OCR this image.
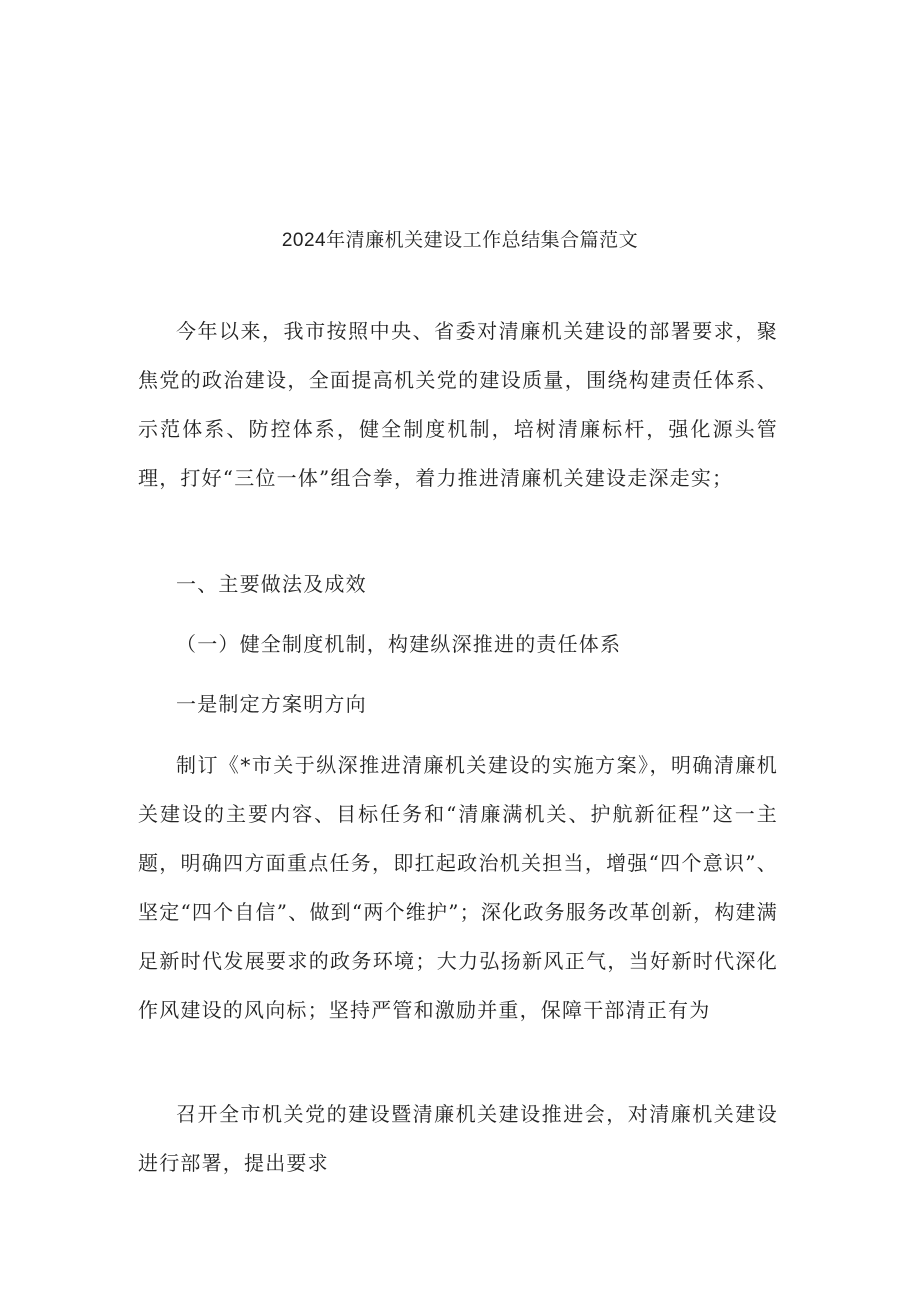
2024年清廉机关建设工作总结集合篇范文

今年以来，我市按照中央、省委对清廉机关建设的部署要求，聚焦党的政治建设，全面提高机关党的建设质量，围绕构建责任体系、示范体系、防控体系，健全制度机制，培树清廉标杆，强化源头管理，打好“三位一体”组合拳，着力推进清廉机关建设走深走实；

一、主要做法及成效

（一）健全制度机制，构建纵深推进的责任体系

一是制定方案明方向

制订《*市关于纵深推进清廉机关建设的实施方案》，明确清廉机关建设的主要内容、目标任务和“清廉满机关、护航新征程”这一主题，明确四方面重点任务，即扛起政治机关担当，增强“四个意识”、坚定“四个自信”、做到“两个维护”；深化政务服务改革创新，构建满足新时代发展要求的政务环境；大力弘扬新风正气，当好新时代深化作风建设的风向标；坚持严管和激励并重，保障干部清正有为

召开全市机关党的建设暨清廉机关建设推进会，对清廉机关建设进行部署，提出要求
